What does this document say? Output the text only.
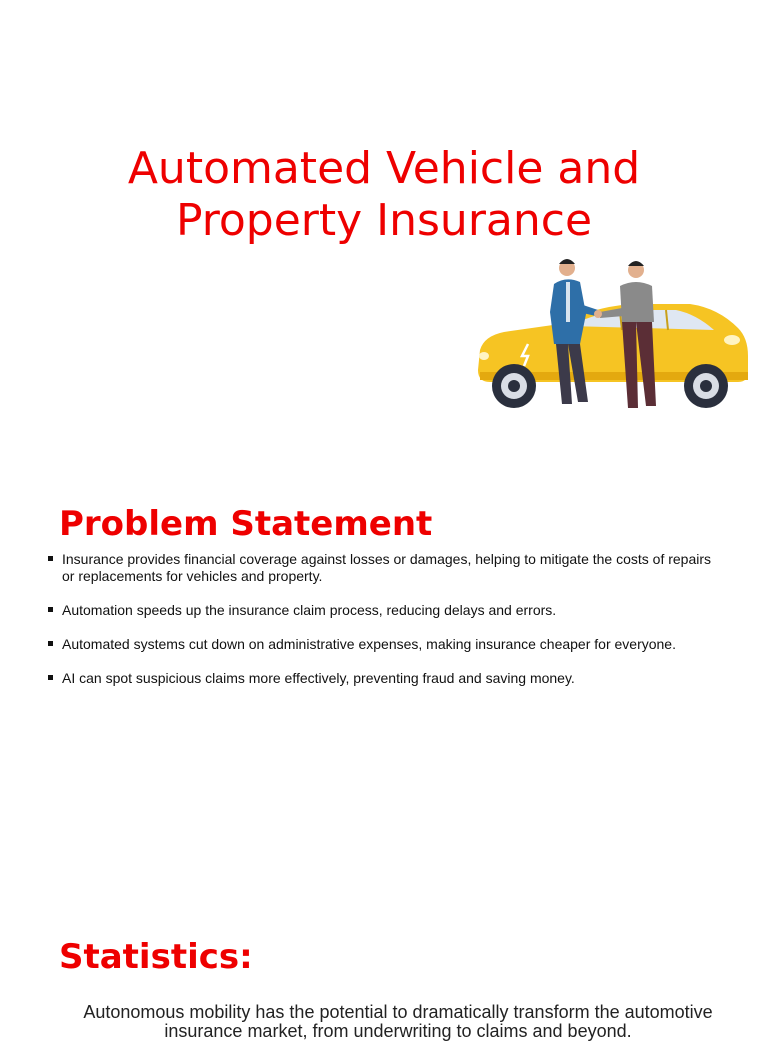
Automated Vehicle and
Property Insurance
Problem Statement
Insurance provides financial coverage against losses or damages, helping to mitigate the costs of repairs or replacements for vehicles and property.
Automation speeds up the insurance claim process, reducing delays and errors.
Automated systems cut down on administrative expenses, making insurance cheaper for everyone.
AI can spot suspicious claims more effectively, preventing fraud and saving money.
Statistics:

Autonomous mobility has the potential to dramatically transform the automotive insurance market, from underwriting to claims and beyond.
